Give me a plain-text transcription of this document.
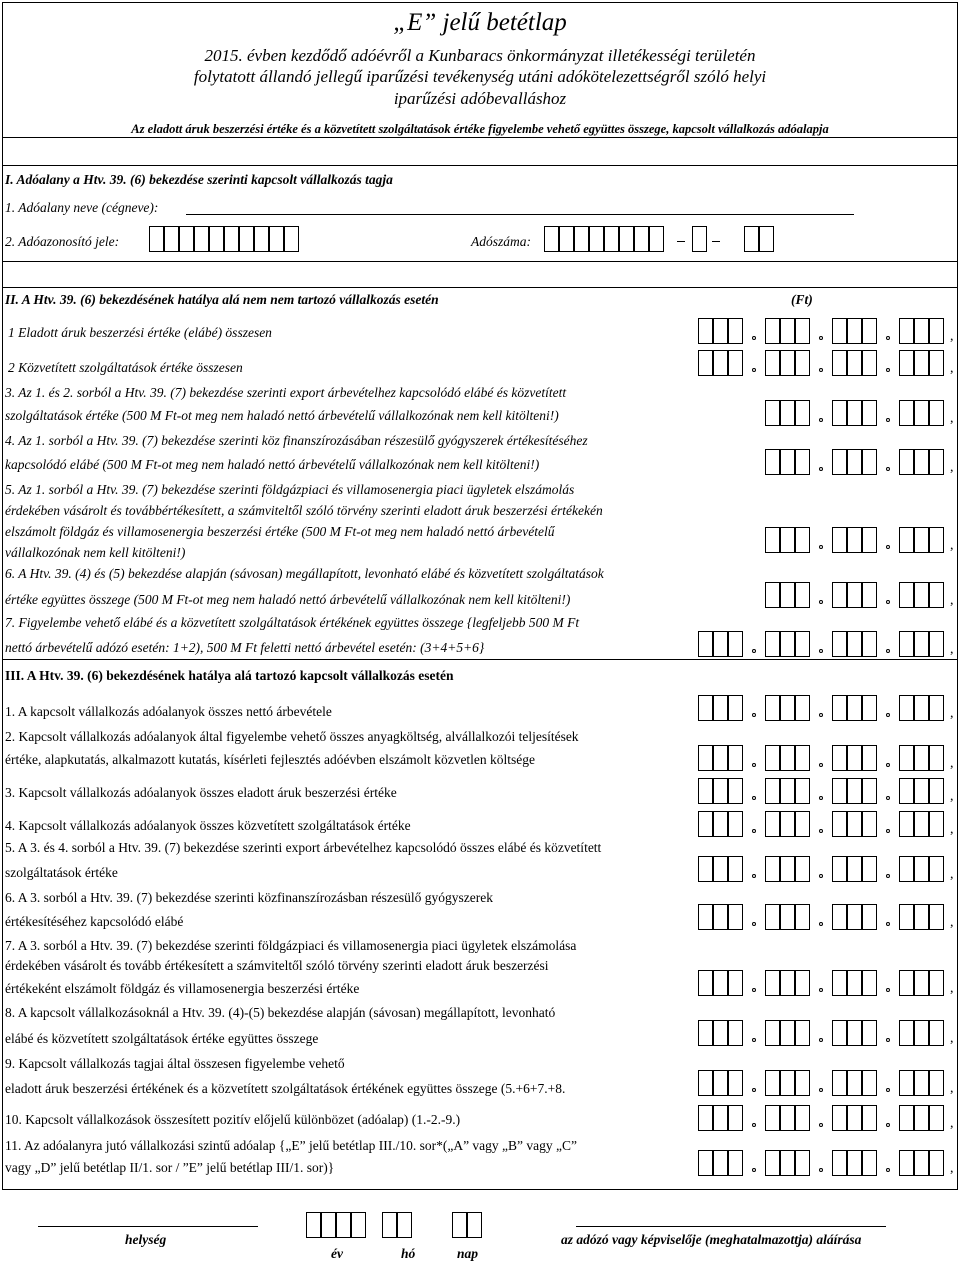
„E” jelű betétlap
2015. évben kezdődő adóévről a Kunbaracs önkormányzat illetékességi területén
folytatott állandó jellegű iparűzési tevékenység utáni adókötelezettségről szóló helyi
iparűzési adóbevalláshoz
Az eladott áruk beszerzési értéke és a közvetített szolgáltatások értéke figyelembe vehető együttes összege, kapcsolt vállalkozás adóalapja
I. Adóalany a Htv. 39. (6) bekezdése szerinti kapcsolt vállalkozás tagja
1. Adóalany neve (cégneve):
2. Adóazonosító jele:	Adószáma:
II. A Htv. 39. (6) bekezdésének hatálya alá nem nem tartozó vállalkozás esetén	(Ft)
1 Eladott áruk beszerzési értéke (elábé) összesen	,
2 Közvetített szolgáltatások értéke összesen	,
3. Az 1. és 2. sorból a Htv. 39. (7) bekezdése szerinti export árbevételhez kapcsolódó elábé és közvetített
szolgáltatások értéke (500 M Ft-ot meg nem haladó nettó árbevételű vállalkozónak nem kell kitölteni!)	,
4. Az 1. sorból a Htv. 39. (7) bekezdése szerinti köz finanszírozásában részesülő gyógyszerek értékesítéséhez
kapcsolódó elábé (500 M Ft-ot meg nem haladó nettó árbevételű vállalkozónak nem kell kitölteni!)	,
5. Az 1. sorból a Htv. 39. (7) bekezdése szerinti földgázpiaci és villamosenergia piaci ügyletek elszámolás
érdekében vásárolt és továbbértékesített, a számviteltől szóló törvény szerinti eladott áruk beszerzési értékekén
elszámolt földgáz és villamosenergia beszerzési értéke (500 M Ft-ot meg nem haladó nettó árbevételű
vállalkozónak nem kell kitölteni!)	,
6. A Htv. 39. (4) és (5) bekezdése alapján (sávosan) megállapított, levonható elábé és közvetített szolgáltatások
értéke együttes összege (500 M Ft-ot meg nem haladó nettó árbevételű vállalkozónak nem kell kitölteni!)	,
7. Figyelembe vehető elábé és a közvetített szolgáltatások értékének együttes összege {legfeljebb 500 M Ft
nettó árbevételű adózó esetén: 1+2), 500 M Ft feletti nettó árbevétel esetén: (3+4+5+6}	,
III. A Htv. 39. (6) bekezdésének hatálya alá tartozó kapcsolt vállalkozás esetén
1. A kapcsolt vállalkozás adóalanyok összes nettó árbevétele	,
2. Kapcsolt vállalkozás adóalanyok által figyelembe vehető összes anyagköltség, alvállalkozói teljesítések
értéke, alapkutatás, alkalmazott kutatás, kísérleti fejlesztés adóévben elszámolt közvetlen költsége	,
3. Kapcsolt vállalkozás adóalanyok összes eladott áruk beszerzési értéke	,
4. Kapcsolt vállalkozás adóalanyok összes közvetített szolgáltatások értéke	,
5. A 3. és 4. sorból a Htv. 39. (7) bekezdése szerinti export árbevételhez kapcsolódó összes elábé és közvetített
szolgáltatások értéke	,
6. A 3. sorból a Htv. 39. (7) bekezdése szerinti közfinanszírozásban részesülő gyógyszerek
értékesítéséhez kapcsolódó elábé	,
7. A 3. sorból a Htv. 39. (7) bekezdése szerinti földgázpiaci és villamosenergia piaci ügyletek elszámolása
érdekében vásárolt és tovább értékesített a számviteltől szóló törvény szerinti eladott áruk beszerzési
értékeként elszámolt földgáz és villamosenergia beszerzési értéke	,
8. A kapcsolt vállalkozásoknál a Htv. 39. (4)-(5) bekezdése alapján (sávosan) megállapított, levonható
elábé és közvetített szolgáltatások értéke együttes összege	,
9. Kapcsolt vállalkozás tagjai által összesen figyelembe vehető
eladott áruk beszerzési értékének és a közvetített szolgáltatások értékének együttes összege (5.+6+7.+8.	,
10. Kapcsolt vállalkozások összesített pozitív előjelű különbözet (adóalap) (1.-2.-9.)	,
11. Az adóalanyra jutó vállalkozási szintű adóalap {„E” jelű betétlap III./10. sor*(„A” vagy „B” vagy „C”
vagy „D” jelű betétlap II/1. sor / ”E” jelű betétlap III/1. sor)}	,
helység
év	hó	nap
az adózó vagy képviselője (meghatalmazottja) aláírása
